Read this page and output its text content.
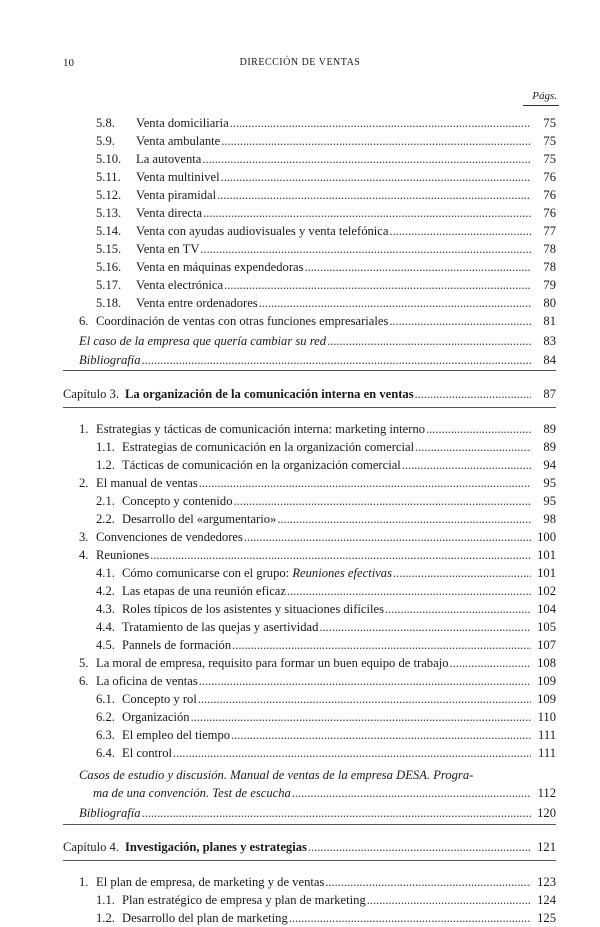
10	DIRECCIÓN DE VENTAS
Págs.
5.8.	Venta domiciliaria . . .	75
5.9.	Venta ambulante . . .	75
5.10.	La autoventa . . .	75
5.11.	Venta multinivel . . .	76
5.12.	Venta piramidal . . .	76
5.13.	Venta directa . . .	76
5.14.	Venta con ayudas audiovisuales y venta telefónica . . .	77
5.15.	Venta en TV . . .	78
5.16.	Venta en máquinas expendedoras . . .	78
5.17.	Venta electrónica . . .	79
5.18.	Venta entre ordenadores . . .	80
6. Coordinación de ventas con otras funciones empresariales . . .	81
El caso de la empresa que quería cambiar su red . . .	83
Bibliografía . . .	84
Capítulo 3. La organización de la comunicación interna en ventas . . .	87
1. Estrategias y tácticas de comunicación interna: marketing interno . . .	89
1.1. Estrategias de comunicación en la organización comercial . . .	89
1.2. Tácticas de comunicación en la organización comercial . . .	94
2. El manual de ventas . . .	95
2.1. Concepto y contenido . . .	95
2.2. Desarrollo del «argumentario» . . .	98
3. Convenciones de vendedores . . .	100
4. Reuniones . . .	101
4.1. Cómo comunicarse con el grupo: Reuniones efectivas . . .	101
4.2. Las etapas de una reunión eficaz . . .	102
4.3. Roles típicos de los asistentes y situaciones difíciles . . .	104
4.4. Tratamiento de las quejas y asertividad . . .	105
4.5. Pannels de formación . . .	107
5. La moral de empresa, requisito para formar un buen equipo de trabajo . . .	108
6. La oficina de ventas . . .	109
6.1. Concepto y rol . . .	109
6.2. Organización . . .	110
6.3. El empleo del tiempo . . .	111
6.4. El control . . .	111
Casos de estudio y discusión. Manual de ventas de la empresa DESA. Progra-
ma de una convención. Test de escucha . . .	112
Bibliografía . . .	120
Capítulo 4. Investigación, planes y estrategias . . .	121
1. El plan de empresa, de marketing y de ventas . . .	123
1.1. Plan estratégico de empresa y plan de marketing . . .	124
1.2. Desarrollo del plan de marketing . . .	125
